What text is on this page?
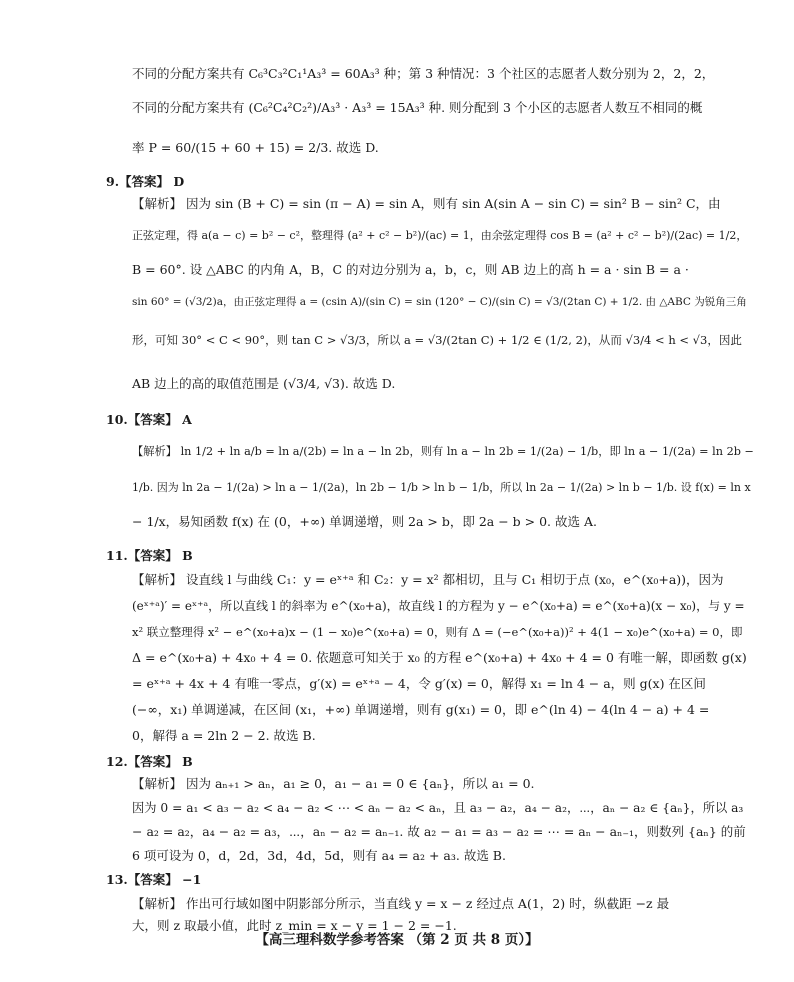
不同的分配方案共有 C₆³C₃²C₁¹A₃³ = 60A₃³ 种；第 3 种情况：3 个社区的志愿者人数分别为 2，2，2，
不同的分配方案共有 (C₆²C₄²C₂²)/A₃³ · A₃³ = 15A₃³ 种. 则分配到 3 个小区的志愿者人数互不相同的概
率 P = 60/(15 + 60 + 15) = 2/3. 故选 D.
9.【答案】 D
【解析】 因为 sin (B + C) = sin (π − A) = sin A，则有 sin A(sin A − sin C) = sin² B − sin² C，由
正弦定理，得 a(a − c) = b² − c²，整理得 (a² + c² − b²)/(ac) = 1，由余弦定理得 cos B = (a² + c² − b²)/(2ac) = 1/2，
B = 60°. 设 △ABC 的内角 A，B，C 的对边分别为 a，b，c，则 AB 边上的高 h = a · sin B = a ·
sin 60° = (√3/2)a，由正弦定理得 a = (csin A)/(sin C) = sin (120° − C)/(sin C) = √3/(2tan C) + 1/2. 由 △ABC 为锐角三角
形，可知 30° < C < 90°，则 tan C > √3/3，所以 a = √3/(2tan C) + 1/2 ∈ (1/2, 2)，从而 √3/4 < h < √3，因此
AB 边上的高的取值范围是 (√3/4, √3). 故选 D.
10.【答案】 A
【解析】 ln 1/2 + ln a/b = ln a/(2b) = ln a − ln 2b，则有 ln a − ln 2b = 1/(2a) − 1/b，即 ln a − 1/(2a) = ln 2b −
1/b. 因为 ln 2a − 1/(2a) > ln a − 1/(2a)，ln 2b − 1/b > ln b − 1/b，所以 ln 2a − 1/(2a) > ln b − 1/b. 设 f(x) = ln x
− 1/x，易知函数 f(x) 在 (0，+∞) 单调递增，则 2a > b，即 2a − b > 0. 故选 A.
11.【答案】 B
【解析】 设直线 l 与曲线 C₁：y = eˣ⁺ᵃ 和 C₂：y = x² 都相切，且与 C₁ 相切于点 (x₀，e^(x₀+a))，因为
(eˣ⁺ᵃ)′ = eˣ⁺ᵃ，所以直线 l 的斜率为 e^(x₀+a)，故直线 l 的方程为 y − e^(x₀+a) = e^(x₀+a)(x − x₀)，与 y =
x² 联立整理得 x² − e^(x₀+a)x − (1 − x₀)e^(x₀+a) = 0，则有 Δ = (−e^(x₀+a))² + 4(1 − x₀)e^(x₀+a) = 0，即
Δ = e^(x₀+a) + 4x₀ + 4 = 0. 依题意可知关于 x₀ 的方程 e^(x₀+a) + 4x₀ + 4 = 0 有唯一解，即函数 g(x)
= eˣ⁺ᵃ + 4x + 4 有唯一零点，g′(x) = eˣ⁺ᵃ − 4，令 g′(x) = 0，解得 x₁ = ln 4 − a，则 g(x) 在区间
(−∞，x₁) 单调递减，在区间 (x₁，+∞) 单调递增，则有 g(x₁) = 0，即 e^(ln 4) − 4(ln 4 − a) + 4 =
0，解得 a = 2ln 2 − 2. 故选 B.
12.【答案】 B
【解析】 因为 aₙ₊₁ > aₙ，a₁ ≥ 0，a₁ − a₁ = 0 ∈ {aₙ}，所以 a₁ = 0.
因为 0 = a₁ < a₃ − a₂ < a₄ − a₂ < ⋯ < aₙ − a₂ < aₙ，且 a₃ − a₂，a₄ − a₂，⋯，aₙ − a₂ ∈ {aₙ}，所以 a₃
− a₂ = a₂，a₄ − a₂ = a₃，⋯，aₙ − a₂ = aₙ₋₁. 故 a₂ − a₁ = a₃ − a₂ = ⋯ = aₙ − aₙ₋₁，则数列 {aₙ} 的前
6 项可设为 0，d，2d，3d，4d，5d，则有 a₄ = a₂ + a₃. 故选 B.
13.【答案】 −1
【解析】 作出可行域如图中阴影部分所示，当直线 y = x − z 经过点 A(1，2) 时，纵截距 −z 最
大，则 z 取最小值，此时 z_min = x − y = 1 − 2 = −1.
【高三理科数学参考答案 （第 2 页 共 8 页）】
